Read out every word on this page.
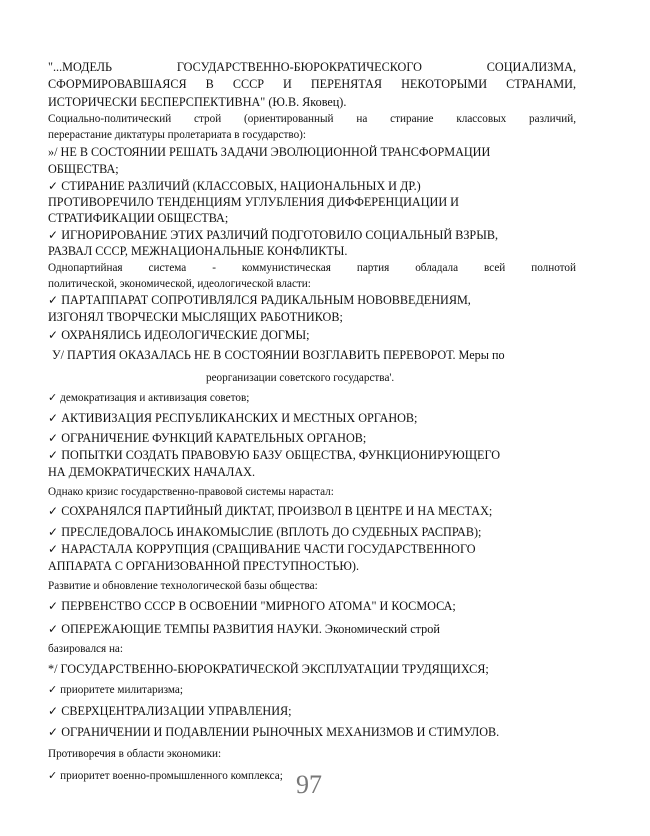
"...МОДЕЛЬ ГОСУДАРСТВЕННО-БЮРОКРАТИЧЕСКОГО СОЦИАЛИЗМА,

СФОРМИРОВАВШАЯСЯ В СССР И ПЕРЕНЯТАЯ НЕКОТОРЫМИ СТРАНАМИ,

ИСТОРИЧЕСКИ БЕСПЕРСПЕКТИВНА" (Ю.В. Яковец).

Социально-политический строй (ориентированный на стирание классовых различий,

перерастание диктатуры пролетариата в государство):

»/ НЕ В СОСТОЯНИИ РЕШАТЬ ЗАДАЧИ ЭВОЛЮЦИОННОЙ ТРАНСФОРМАЦИИ

ОБЩЕСТВА;

✓ СТИРАНИЕ РАЗЛИЧИЙ (КЛАССОВЫХ, НАЦИОНАЛЬНЫХ И ДР.)

ПРОТИВОРЕЧИЛО ТЕНДЕНЦИЯМ УГЛУБЛЕНИЯ ДИФФЕРЕНЦИАЦИИ И

СТРАТИФИКАЦИИ ОБЩЕСТВА;

✓ ИГНОРИРОВАНИЕ ЭТИХ РАЗЛИЧИЙ ПОДГОТОВИЛО СОЦИАЛЬНЫЙ ВЗРЫВ,

РАЗВАЛ СССР, МЕЖНАЦИОНАЛЬНЫЕ КОНФЛИКТЫ.

Однопартийная система - коммунистическая партия обладала всей полнотой

политической, экономической, идеологической власти:

✓ ПАРТАППАРАТ СОПРОТИВЛЯЛСЯ РАДИКАЛЬНЫМ НОВОВВЕДЕНИЯМ,

ИЗГОНЯЛ ТВОРЧЕСКИ МЫСЛЯЩИХ РАБОТНИКОВ;

✓ ОХРАНЯЛИСЬ ИДЕОЛОГИЧЕСКИЕ ДОГМЫ;

У/ ПАРТИЯ ОКАЗАЛАСЬ НЕ В СОСТОЯНИИ ВОЗГЛАВИТЬ ПЕРЕВОРОТ. Меры по

реорганизации советского государства'.

✓ демократизация и активизация советов;

✓ АКТИВИЗАЦИЯ РЕСПУБЛИКАНСКИХ И МЕСТНЫХ ОРГАНОВ;

✓ ОГРАНИЧЕНИЕ ФУНКЦИЙ КАРАТЕЛЬНЫХ ОРГАНОВ;

✓ ПОПЫТКИ СОЗДАТЬ ПРАВОВУЮ БАЗУ ОБЩЕСТВА, ФУНКЦИОНИРУЮЩЕГО

НА ДЕМОКРАТИЧЕСКИХ НАЧАЛАХ.

Однако кризис государственно-правовой системы нарастал:

✓ СОХРАНЯЛСЯ ПАРТИЙНЫЙ ДИКТАТ, ПРОИЗВОЛ В ЦЕНТРЕ И НА МЕСТАХ;

✓ ПРЕСЛЕДОВАЛОСЬ ИНАКОМЫСЛИЕ (ВПЛОТЬ ДО СУДЕБНЫХ РАСПРАВ);

✓ НАРАСТАЛА КОРРУПЦИЯ (СРАЩИВАНИЕ ЧАСТИ ГОСУДАРСТВЕННОГО

АППАРАТА С ОРГАНИЗОВАННОЙ ПРЕСТУПНОСТЬЮ).

Развитие и обновление технологической базы общества:

✓ ПЕРВЕНСТВО СССР В ОСВОЕНИИ "МИРНОГО АТОМА" И КОСМОСА;

✓ ОПЕРЕЖАЮЩИЕ ТЕМПЫ РАЗВИТИЯ НАУКИ. Экономический строй

базировался на:

*/ ГОСУДАРСТВЕННО-БЮРОКРАТИЧЕСКОЙ ЭКСПЛУАТАЦИИ ТРУДЯЩИХСЯ;

✓ приоритете милитаризма;

✓ СВЕРХЦЕНТРАЛИЗАЦИИ УПРАВЛЕНИЯ;

✓ ОГРАНИЧЕНИИ И ПОДАВЛЕНИИ РЫНОЧНЫХ МЕХАНИЗМОВ И СТИМУЛОВ.

Противоречия в области экономики:

97

✓ приоритет военно-промышленного комплекса;
